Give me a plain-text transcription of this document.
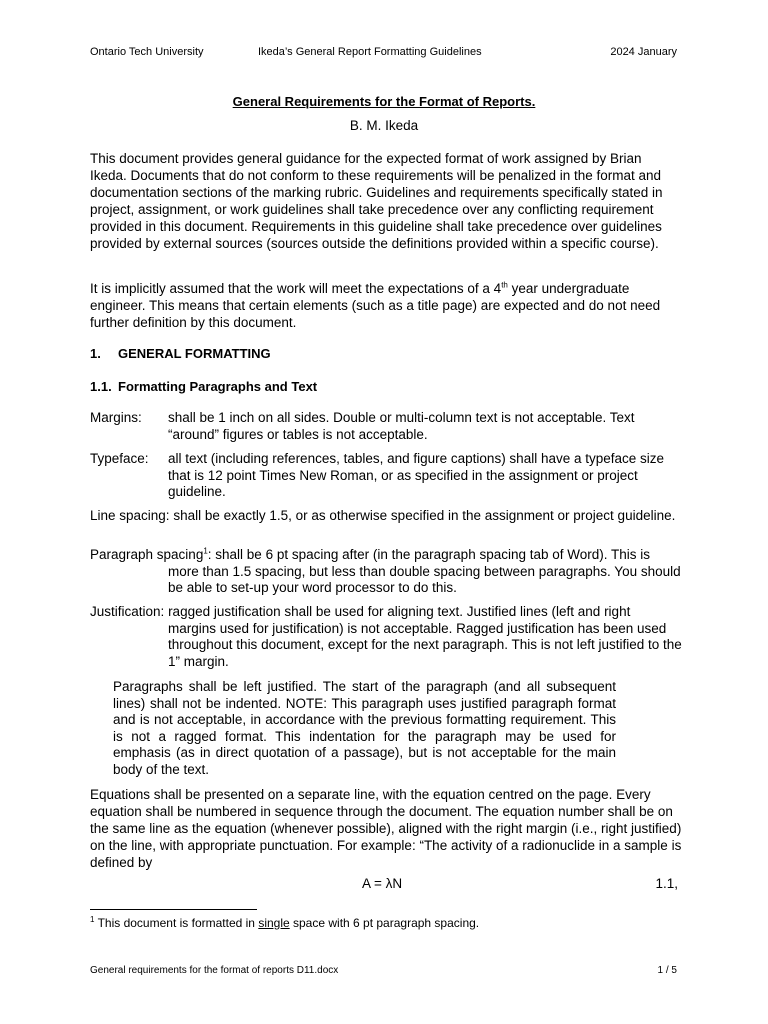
Ontario Tech University	Ikeda’s General Report Formatting Guidelines	2024 January
General Requirements for the Format of Reports.
B. M. Ikeda
This document provides general guidance for the expected format of work assigned by Brian Ikeda. Documents that do not conform to these requirements will be penalized in the format and documentation sections of the marking rubric. Guidelines and requirements specifically stated in project, assignment, or work guidelines shall take precedence over any conflicting requirement provided in this document. Requirements in this guideline shall take precedence over guidelines provided by external sources (sources outside the definitions provided within a specific course).
It is implicitly assumed that the work will meet the expectations of a 4th year undergraduate engineer. This means that certain elements (such as a title page) are expected and do not need further definition by this document.
1. GENERAL FORMATTING
1.1. Formatting Paragraphs and Text
Margins: shall be 1 inch on all sides. Double or multi-column text is not acceptable. Text “around” figures or tables is not acceptable.
Typeface: all text (including references, tables, and figure captions) shall have a typeface size that is 12 point Times New Roman, or as specified in the assignment or project guideline.
Line spacing: shall be exactly 1.5, or as otherwise specified in the assignment or project guideline.
Paragraph spacing$^1$: shall be 6 pt spacing after (in the paragraph spacing tab of Word). This is more than 1.5 spacing, but less than double spacing between paragraphs. You should be able to set-up your word processor to do this.
Justification: ragged justification shall be used for aligning text. Justified lines (left and right margins used for justification) is not acceptable. Ragged justification has been used throughout this document, except for the next paragraph. This is not left justified to the 1” margin.
Paragraphs shall be left justified. The start of the paragraph (and all subsequent lines) shall not be indented. NOTE: This paragraph uses justified paragraph format and is not acceptable, in accordance with the previous formatting requirement. This is not a ragged format. This indentation for the paragraph may be used for emphasis (as in direct quotation of a passage), but is not acceptable for the main body of the text.
Equations shall be presented on a separate line, with the equation centred on the page. Every equation shall be numbered in sequence through the document. The equation number shall be on the same line as the equation (whenever possible), aligned with the right margin (i.e., right justified) on the line, with appropriate punctuation. For example: “The activity of a radionuclide in a sample is defined by
A = λN	1.1,
$^1$ This document is formatted in single space with 6 pt paragraph spacing.
General requirements for the format of reports D11.docx	1 / 5
